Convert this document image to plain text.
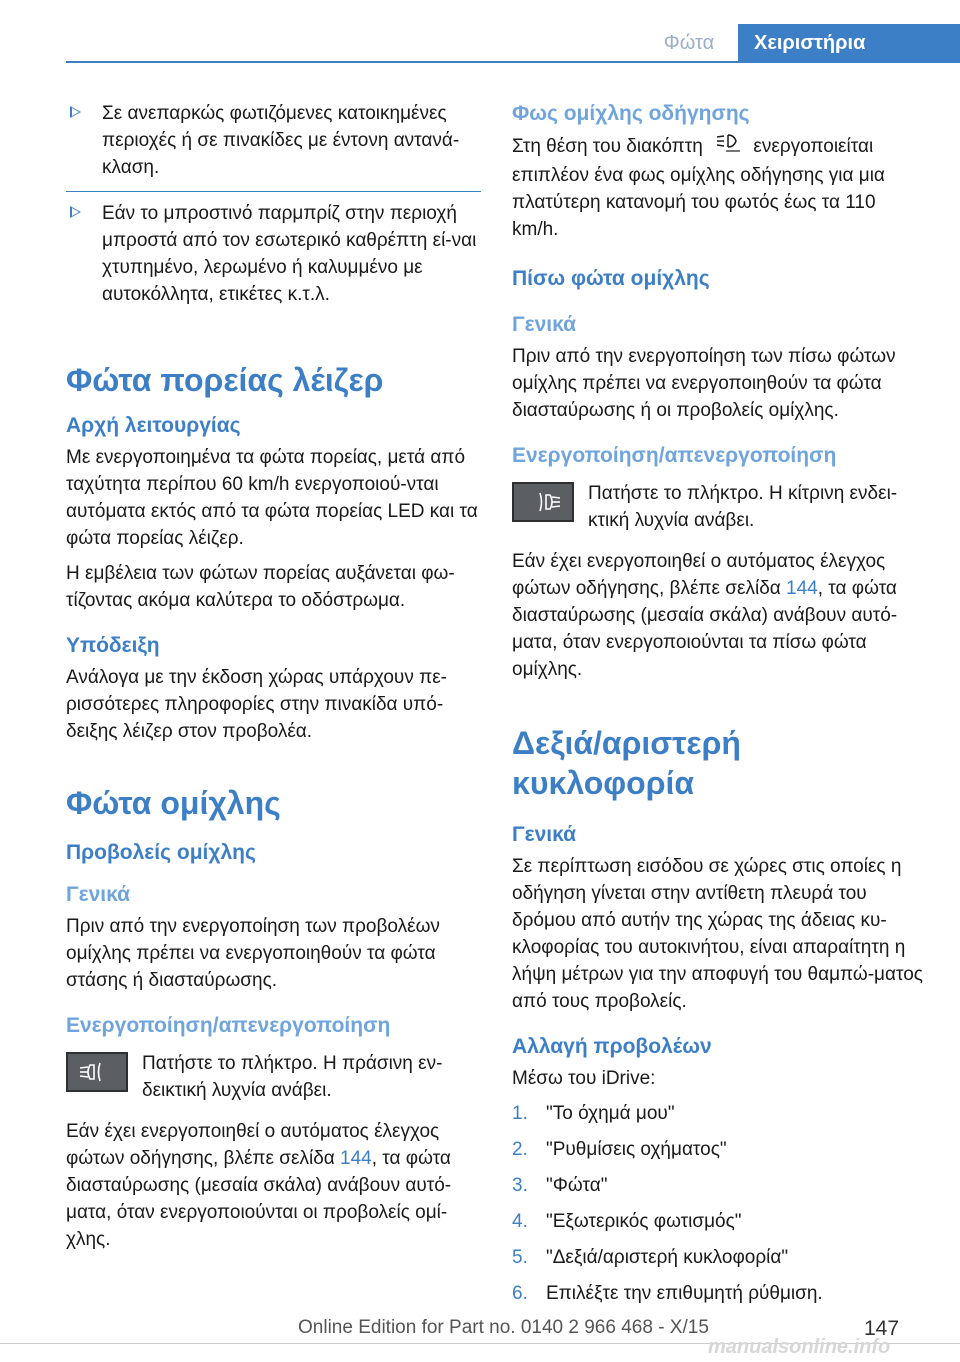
Φώτα	Χειριστήρια
Σε ανεπαρκώς φωτιζόμενες κατοικημένες περιοχές ή σε πινακίδες με έντονη αντανά-κλαση.
Εάν το μπροστινό παρμπρίζ στην περιοχή μπροστά από τον εσωτερικό καθρέπτη εί-ναι χτυπημένο, λερωμένο ή καλυμμένο με αυτοκόλλητα, ετικέτες κ.τ.λ.
Φώτα πορείας λέιζερ
Αρχή λειτουργίας

Με ενεργοποιημένα τα φώτα πορείας, μετά από ταχύτητα περίπου 60 km/h ενεργοποιού-νται αυτόματα εκτός από τα φώτα πορείας LED και τα φώτα πορείας λέιζερ.

Η εμβέλεια των φώτων πορείας αυξάνεται φω-τίζοντας ακόμα καλύτερα το οδόστρωμα.

Υπόδειξη

Ανάλογα με την έκδοση χώρας υπάρχουν πε-ρισσότερες πληροφορίες στην πινακίδα υπό-δειξης λέιζερ στον προβολέα.

Φώτα ομίχλης
Προβολείς ομίχλης
Γενικά

Πριν από την ενεργοποίηση των προβολέων ομίχλης πρέπει να ενεργοποιηθούν τα φώτα στάσης ή διασταύρωσης.

Ενεργοποίηση/απενεργοποίηση

Πατήστε το πλήκτρο. Η πράσινη εν-δεικτική λυχνία ανάβει.

Εάν έχει ενεργοποιηθεί ο αυτόματος έλεγχος φώτων οδήγησης, βλέπε σελίδα 144, τα φώτα διασταύρωσης (μεσαία σκάλα) ανάβουν αυτό-ματα, όταν ενεργοποιούνται οι προβολείς ομί-χλης.

Φως ομίχλης οδήγησης

Στη θέση του διακόπτη	ενεργοποιείται επιπλέον ένα φως ομίχλης οδήγησης για μια πλατύτερη κατανομή του φωτός έως τα 110 km/h.

Πίσω φώτα ομίχλης
Γενικά

Πριν από την ενεργοποίηση των πίσω φώτων ομίχλης πρέπει να ενεργοποιηθούν τα φώτα διασταύρωσης ή οι προβολείς ομίχλης.

Ενεργοποίηση/απενεργοποίηση

Πατήστε το πλήκτρο. Η κίτρινη ενδει-κτική λυχνία ανάβει.

Εάν έχει ενεργοποιηθεί ο αυτόματος έλεγχος φώτων οδήγησης, βλέπε σελίδα 144, τα φώτα διασταύρωσης (μεσαία σκάλα) ανάβουν αυτό-ματα, όταν ενεργοποιούνται τα πίσω φώτα ομίχλης.

Δεξιά/αριστερή κυκλοφορία
Γενικά

Σε περίπτωση εισόδου σε χώρες στις οποίες η οδήγηση γίνεται στην αντίθετη πλευρά του δρόμου από αυτήν της χώρας της άδειας κυ-κλοφορίας του αυτοκινήτου, είναι απαραίτητη η λήψη μέτρων για την αποφυγή του θαμπώ-ματος από τους προβολείς.

Αλλαγή προβολέων

Μέσω του iDrive:

1. "Το όχημά μου"
2. "Ρυθμίσεις οχήματος"
3. "Φώτα"
4. "Εξωτερικός φωτισμός"
5. "Δεξιά/αριστερή κυκλοφορία"
6. Επιλέξτε την επιθυμητή ρύθμιση.
Online Edition for Part no. 0140 2 966 468 - X/15	147
manualsonline.info
